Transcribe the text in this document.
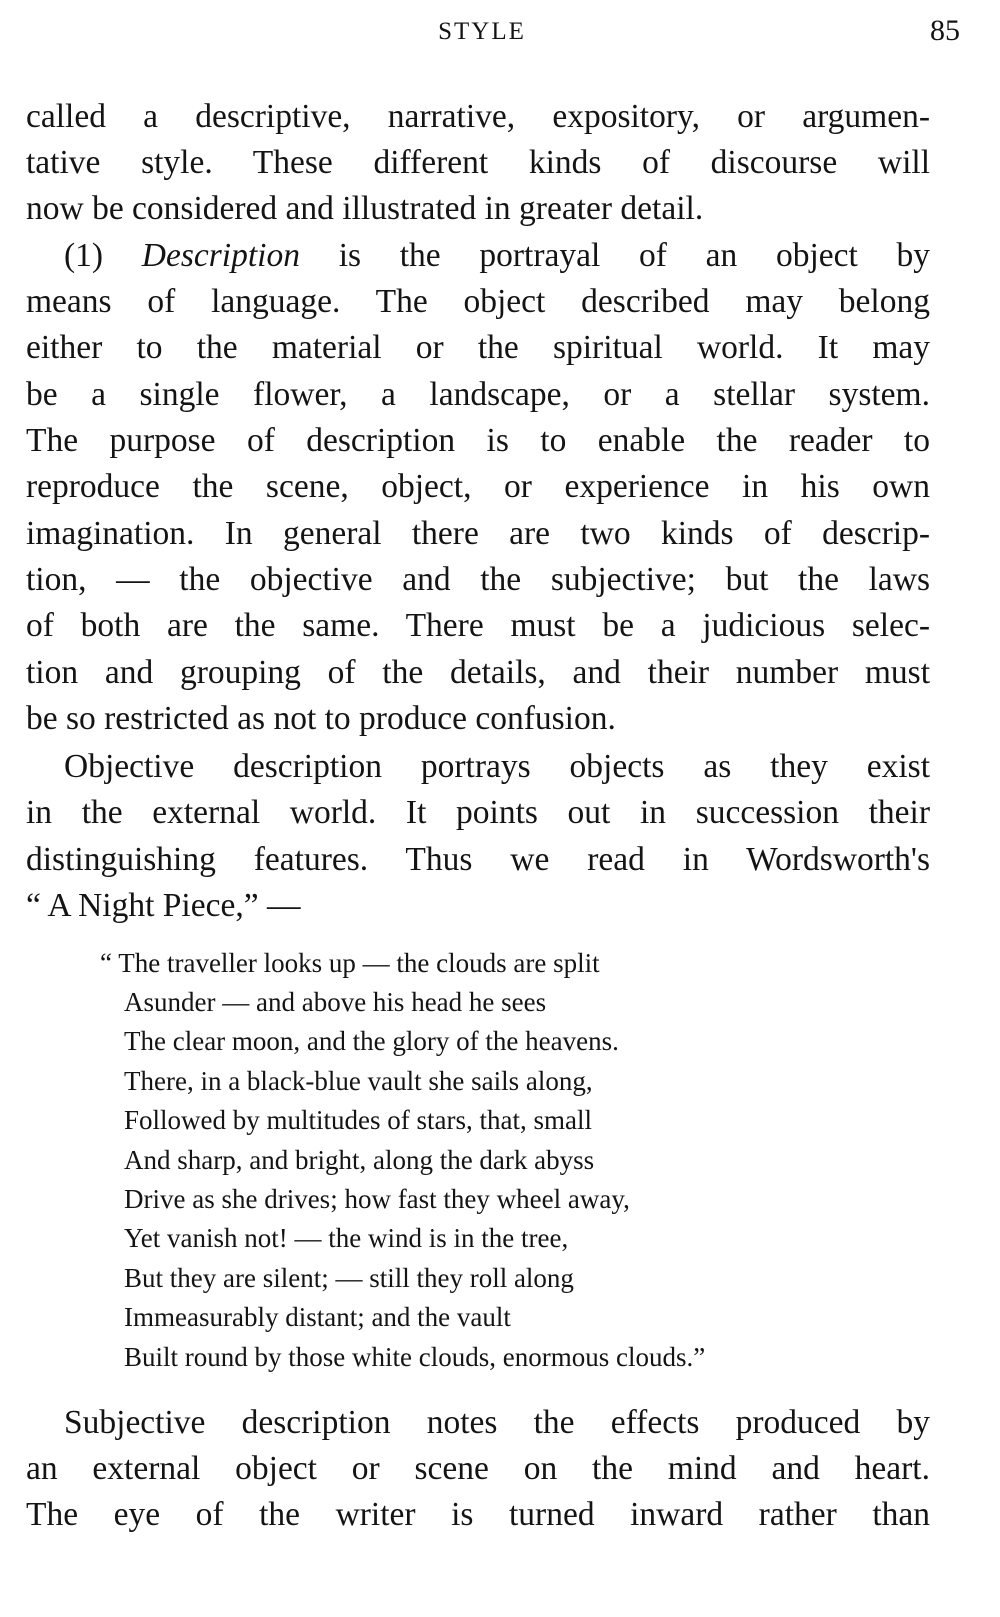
STYLE	85
called a descriptive, narrative, expository, or argumen-
tative style. These different kinds of discourse will
now be considered and illustrated in greater detail.
(1) Description is the portrayal of an object by
means of language. The object described may belong
either to the material or the spiritual world. It may
be a single flower, a landscape, or a stellar system.
The purpose of description is to enable the reader to
reproduce the scene, object, or experience in his own
imagination. In general there are two kinds of descrip-
tion, — the objective and the subjective; but the laws
of both are the same. There must be a judicious selec-
tion and grouping of the details, and their number must
be so restricted as not to produce confusion.
Objective description portrays objects as they exist
in the external world. It points out in succession their
distinguishing features. Thus we read in Wordsworth's
“ A Night Piece,” —
“ The traveller looks up — the clouds are split
Asunder — and above his head he sees
The clear moon, and the glory of the heavens.
There, in a black-blue vault she sails along,
Followed by multitudes of stars, that, small
And sharp, and bright, along the dark abyss
Drive as she drives; how fast they wheel away,
Yet vanish not! — the wind is in the tree,
But they are silent; — still they roll along
Immeasurably distant; and the vault
Built round by those white clouds, enormous clouds.”
Subjective description notes the effects produced by
an external object or scene on the mind and heart.
The eye of the writer is turned inward rather than
